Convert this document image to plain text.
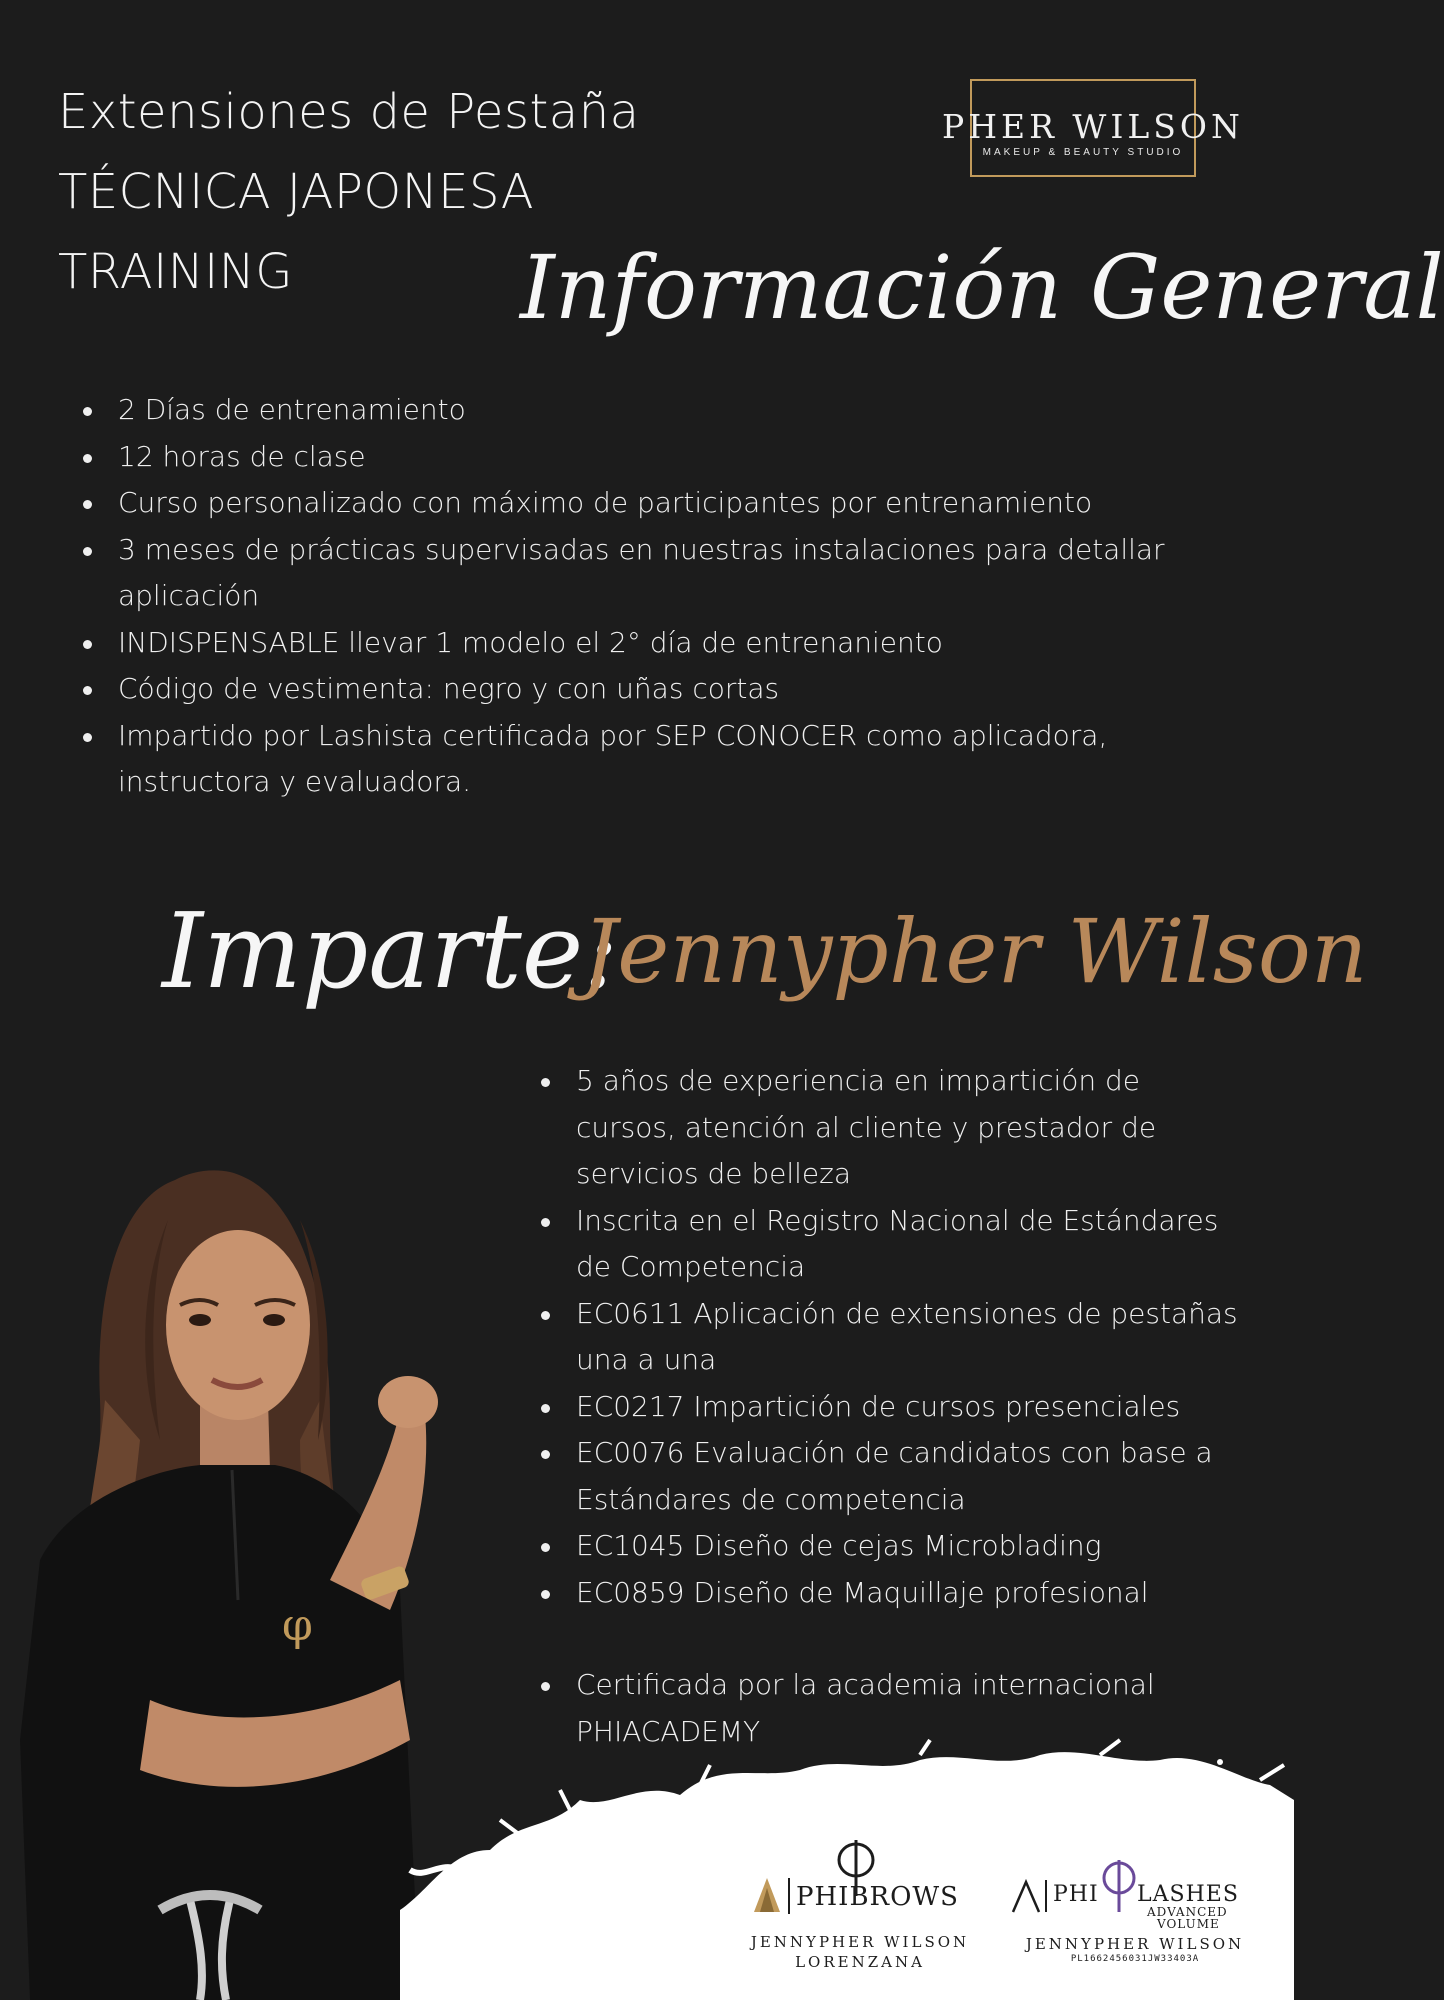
Extensiones de Pestaña
TÉCNICA JAPONESA
TRAINING
PHER WILSON
MAKEUP & BEAUTY STUDIO
Información General
2 Días de entrenamiento
12 horas de clase
Curso personalizado con máximo de participantes por entrenamiento
3 meses de prácticas supervisadas en nuestras instalaciones para detallar aplicación
INDISPENSABLE llevar 1 modelo el 2° día de entrenaniento
Código de vestimenta: negro y con uñas cortas
Impartido por Lashista certificada por SEP CONOCER como aplicadora, instructora y evaluadora.
Imparte:
Jennypher Wilson
5 años de experiencia en impartición de cursos, atención al cliente y prestador de servicios de belleza
Inscrita en el Registro Nacional de Estándares de Competencia
EC0611 Aplicación de extensiones de pestañas una a una
EC0217 Impartición de cursos presenciales
EC0076 Evaluación de candidatos con base a Estándares de competencia
EC1045 Diseño de cejas Microblading
EC0859 Diseño de Maquillaje profesional
Certificada por la academia internacional PHIACADEMY
φ
PHIBROWS
JENNYPHER WILSON
LORENZANA
PHI LASHES
ADVANCED
VOLUME
JENNYPHER WILSON
PL1662456031JW33403A
